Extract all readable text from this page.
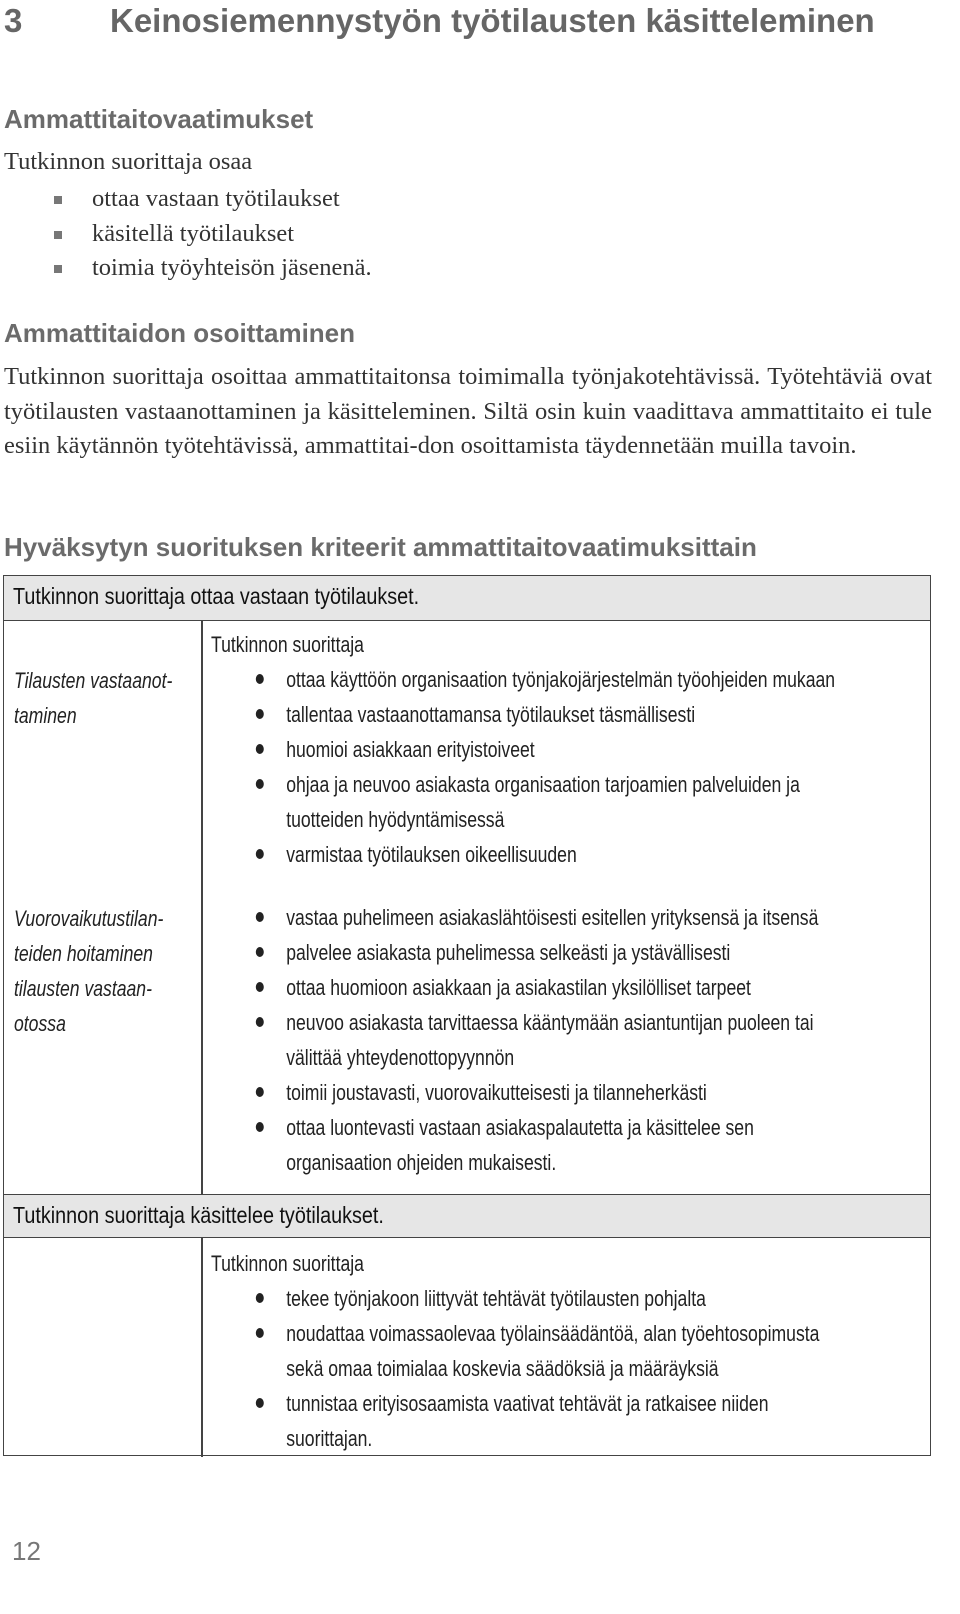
3	Keinosiemennystyön työtilausten käsitteleminen
Ammattitaitovaatimukset

Tutkinnon suorittaja osaa

ottaa vastaan työtilaukset
käsitellä työtilaukset
toimia työyhteisön jäsenenä.
Ammattitaidon osoittaminen

Tutkinnon suorittaja osoittaa ammattitaitonsa toimimalla työnjakotehtävissä. Työtehtäviä ovat työtilausten vastaanottaminen ja käsitteleminen. Siltä osin kuin vaadittava ammattitaito ei tule esiin käytännön työtehtävissä, ammattitai-don osoittamista täydennetään muilla tavoin.

Hyväksytyn suorituksen kriteerit ammattitaitovaatimuksittain
Tutkinnon suorittaja ottaa vastaan työtilaukset.
Tilausten vastaanot-
taminen
Tutkinnon suorittaja
ottaa käyttöön organisaation työnjakojärjestelmän työohjeiden mukaan
tallentaa vastaanottamansa työtilaukset täsmällisesti
huomioi asiakkaan erityistoiveet
ohjaa ja neuvoo asiakasta organisaation tarjoamien palveluiden ja
tuotteiden hyödyntämisessä
varmistaa työtilauksen oikeellisuuden
Vuorovaikutustilan-
teiden hoitaminen
tilausten vastaan-
otossa
vastaa puhelimeen asiakaslähtöisesti esitellen yrityksensä ja itsensä
palvelee asiakasta puhelimessa selkeästi ja ystävällisesti
ottaa huomioon asiakkaan ja asiakastilan yksilölliset tarpeet
neuvoo asiakasta tarvittaessa kääntymään asiantuntijan puoleen tai
välittää yhteydenottopyynnön
toimii joustavasti, vuorovaikutteisesti ja tilanneherkästi
ottaa luontevasti vastaan asiakaspalautetta ja käsittelee sen
organisaation ohjeiden mukaisesti.
Tutkinnon suorittaja käsittelee työtilaukset.
Tutkinnon suorittaja
tekee työnjakoon liittyvät tehtävät työtilausten pohjalta
noudattaa voimassaolevaa työlainsäädäntöä, alan työehtosopimusta
sekä omaa toimialaa koskevia säädöksiä ja määräyksiä
tunnistaa erityisosaamista vaativat tehtävät ja ratkaisee niiden
suorittajan.

12
